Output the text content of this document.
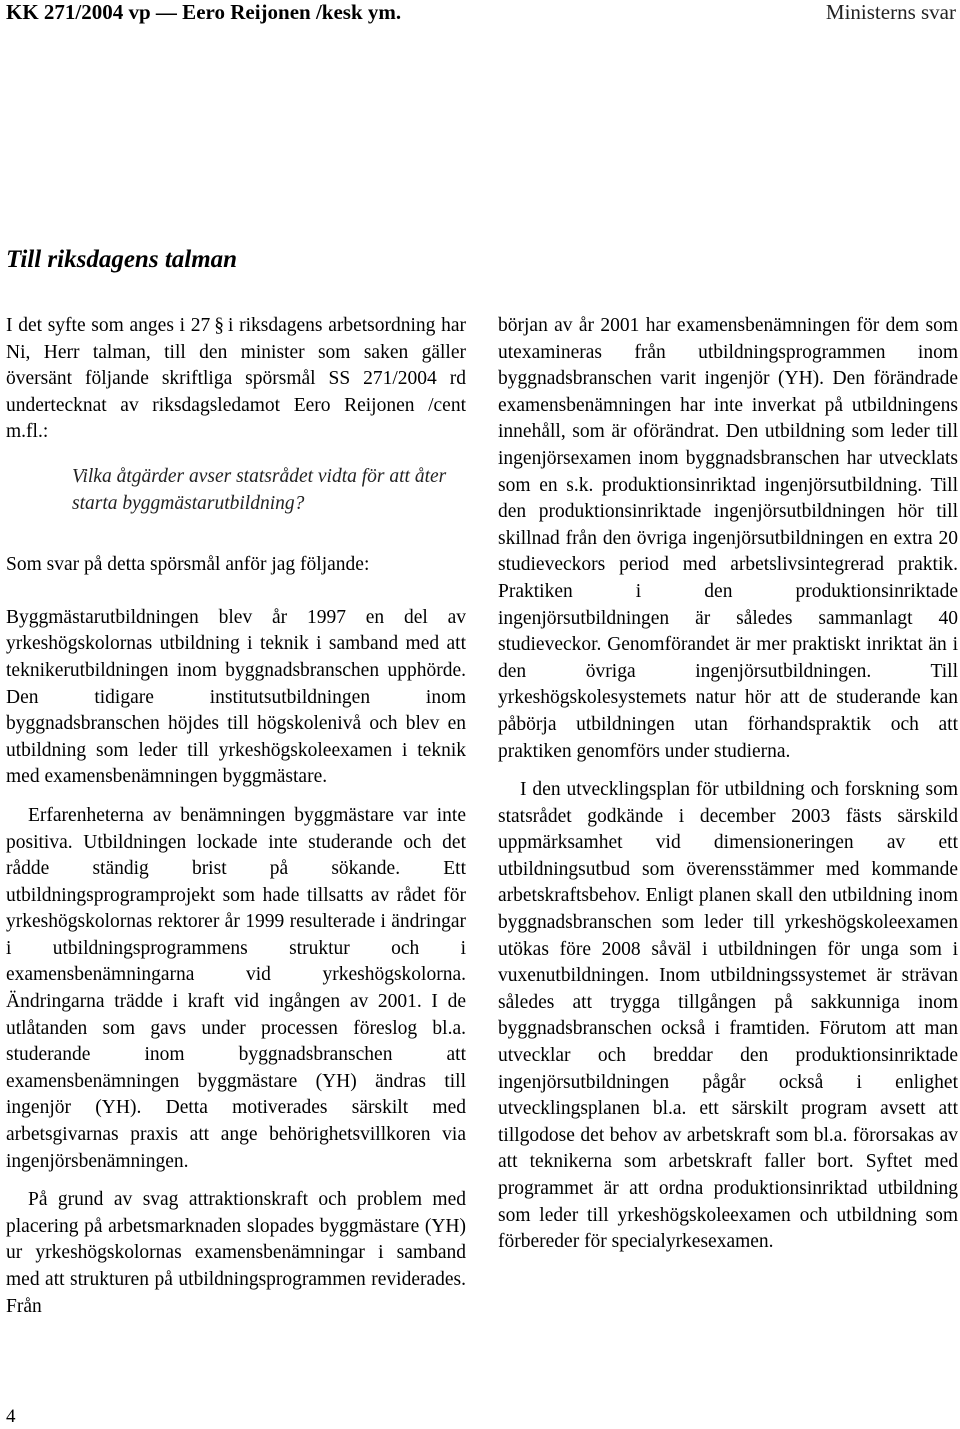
KK 271/2004 vp — Eero Reijonen /kesk ym.	Ministerns svar
Till riksdagens talman

I det syfte som anges i 27 § i riksdagens arbetsordning har Ni, Herr talman, till den minister som saken gäller översänt följande skriftliga spörsmål SS 271/2004 rd undertecknat av riksdagsledamot Eero Reijonen /cent m.fl.:

Vilka åtgärder avser statsrådet vidta för att åter starta byggmästarutbildning?

Som svar på detta spörsmål anför jag följande:

Byggmästarutbildningen blev år 1997 en del av yrkeshögskolornas utbildning i teknik i samband med att teknikerutbildningen inom byggnadsbranschen upphörde. Den tidigare institutsutbildningen inom byggnadsbranschen höjdes till högskolenivå och blev en utbildning som leder till yrkeshögskoleexamen i teknik med examensbenämningen byggmästare.

Erfarenheterna av benämningen byggmästare var inte positiva. Utbildningen lockade inte studerande och det rådde ständig brist på sökande. Ett utbildningsprogramprojekt som hade tillsatts av rådet för yrkeshögskolornas rektorer år 1999 resulterade i ändringar i utbildningsprogrammens struktur och i examensbenämningarna vid yrkeshögskolorna. Ändringarna trädde i kraft vid ingången av 2001. I de utlåtanden som gavs under processen föreslog bl.a. studerande inom byggnadsbranschen att examensbenämningen byggmästare (YH) ändras till ingenjör (YH). Detta motiverades särskilt med arbetsgivarnas praxis att ange behörighetsvillkoren via ingenjörsbenämningen.

På grund av svag attraktionskraft och problem med placering på arbetsmarknaden slopades byggmästare (YH) ur yrkeshögskolornas examensbenämningar i samband med att strukturen på utbildningsprogrammen reviderades. Från

början av år 2001 har examensbenämningen för dem som utexamineras från utbildningsprogrammen inom byggnadsbranschen varit ingenjör (YH). Den förändrade examensbenämningen har inte inverkat på utbildningens innehåll, som är oförändrat. Den utbildning som leder till ingenjörsexamen inom byggnadsbranschen har utvecklats som en s.k. produktionsinriktad ingenjörsutbildning. Till den produktionsinriktade ingenjörsutbildningen hör till skillnad från den övriga ingenjörsutbildningen en extra 20 studieveckors period med arbetslivsintegrerad praktik. Praktiken i den produktionsinriktade ingenjörsutbildningen är således sammanlagt 40 studieveckor. Genomförandet är mer praktiskt inriktat än i den övriga ingenjörsutbildningen. Till yrkeshögskolesystemets natur hör att de studerande kan påbörja utbildningen utan förhandspraktik och att praktiken genomförs under studierna.

I den utvecklingsplan för utbildning och forskning som statsrådet godkände i december 2003 fästs särskild uppmärksamhet vid dimensioneringen av ett utbildningsutbud som överensstämmer med kommande arbetskraftsbehov. Enligt planen skall den utbildning inom byggnadsbranschen som leder till yrkeshögskoleexamen utökas före 2008 såväl i utbildningen för unga som i vuxenutbildningen. Inom utbildningssystemet är strävan således att trygga tillgången på sakkunniga inom byggnadsbranschen också i framtiden. Förutom att man utvecklar och breddar den produktionsinriktade ingenjörsutbildningen pågår också i enlighet utvecklingsplanen bl.a. ett särskilt program avsett att tillgodose det behov av arbetskraft som bl.a. förorsakas av att teknikerna som arbetskraft faller bort. Syftet med programmet är att ordna produktionsinriktad utbildning som leder till yrkeshögskoleexamen och utbildning som förbereder för specialyrkesexamen.

4
